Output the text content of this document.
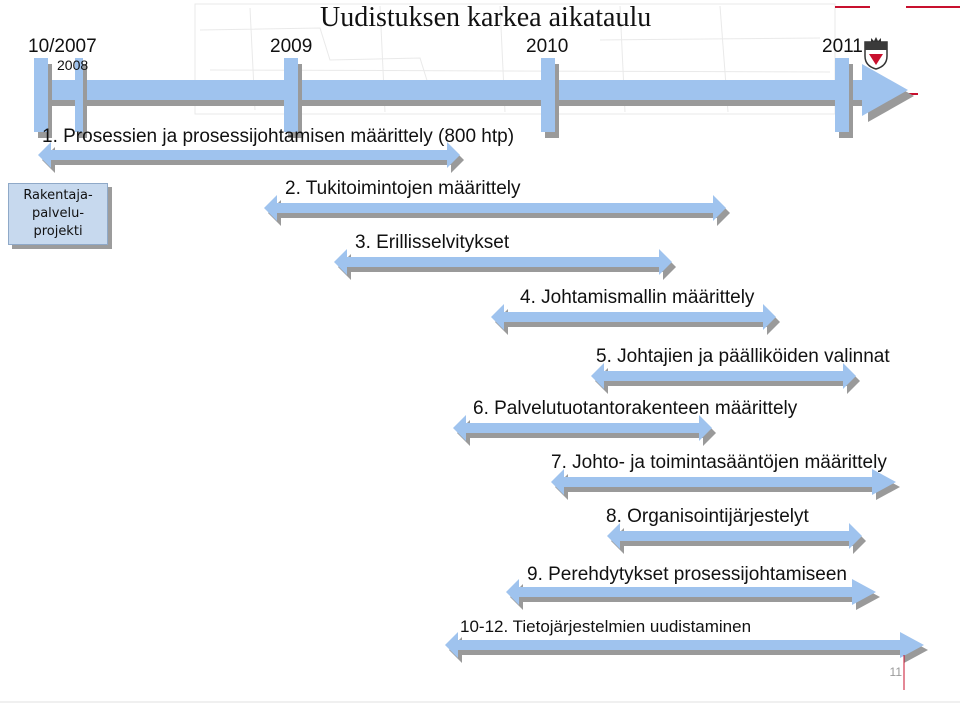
Uudistuksen karkea aikataulu
10/2007
2008
2009	2010	2011
Rakentaja-
palvelu-
projekti
1. Prosessien ja prosessijohtamisen määrittely (800 htp)
2. Tukitoimintojen määrittely
3. Erillisselvitykset
4. Johtamismallin määrittely
5. Johtajien ja päälliköiden valinnat
6. Palvelutuotantorakenteen määrittely
7. Johto- ja toimintasääntöjen määrittely
8. Organisointijärjestelyt
9. Perehdytykset prosessijohtamiseen
10-12. Tietojärjestelmien uudistaminen
11
